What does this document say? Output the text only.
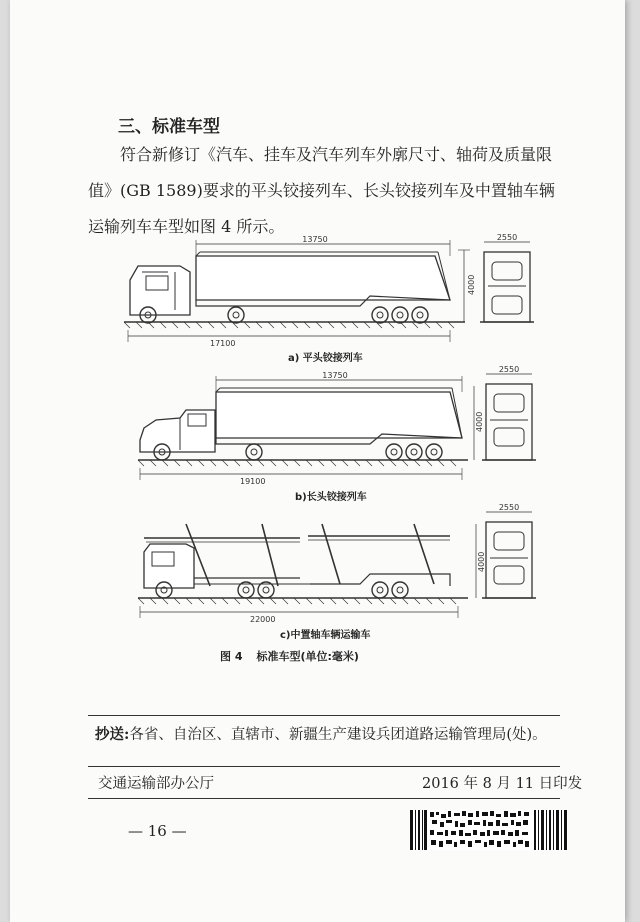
三、标准车型

符合新修订《汽车、挂车及汽车列车外廓尺寸、轴荷及质量限

值》(GB 1589)要求的平头铰接列车、长头铰接列车及中置轴车辆

运输列车车型如图 4 所示。

13750
17100
4000
2550
13750
19100
4000
2550
22000
4000
2550
a) 平头铰接列车
b)长头铰接列车
c)中置轴车辆运输车
图 4 标准车型(单位:毫米)
抄送:各省、自治区、直辖市、新疆生产建设兵团道路运输管理局(处)。
交通运输部办公厅	2016 年 8 月 11 日印发
— 16 —
